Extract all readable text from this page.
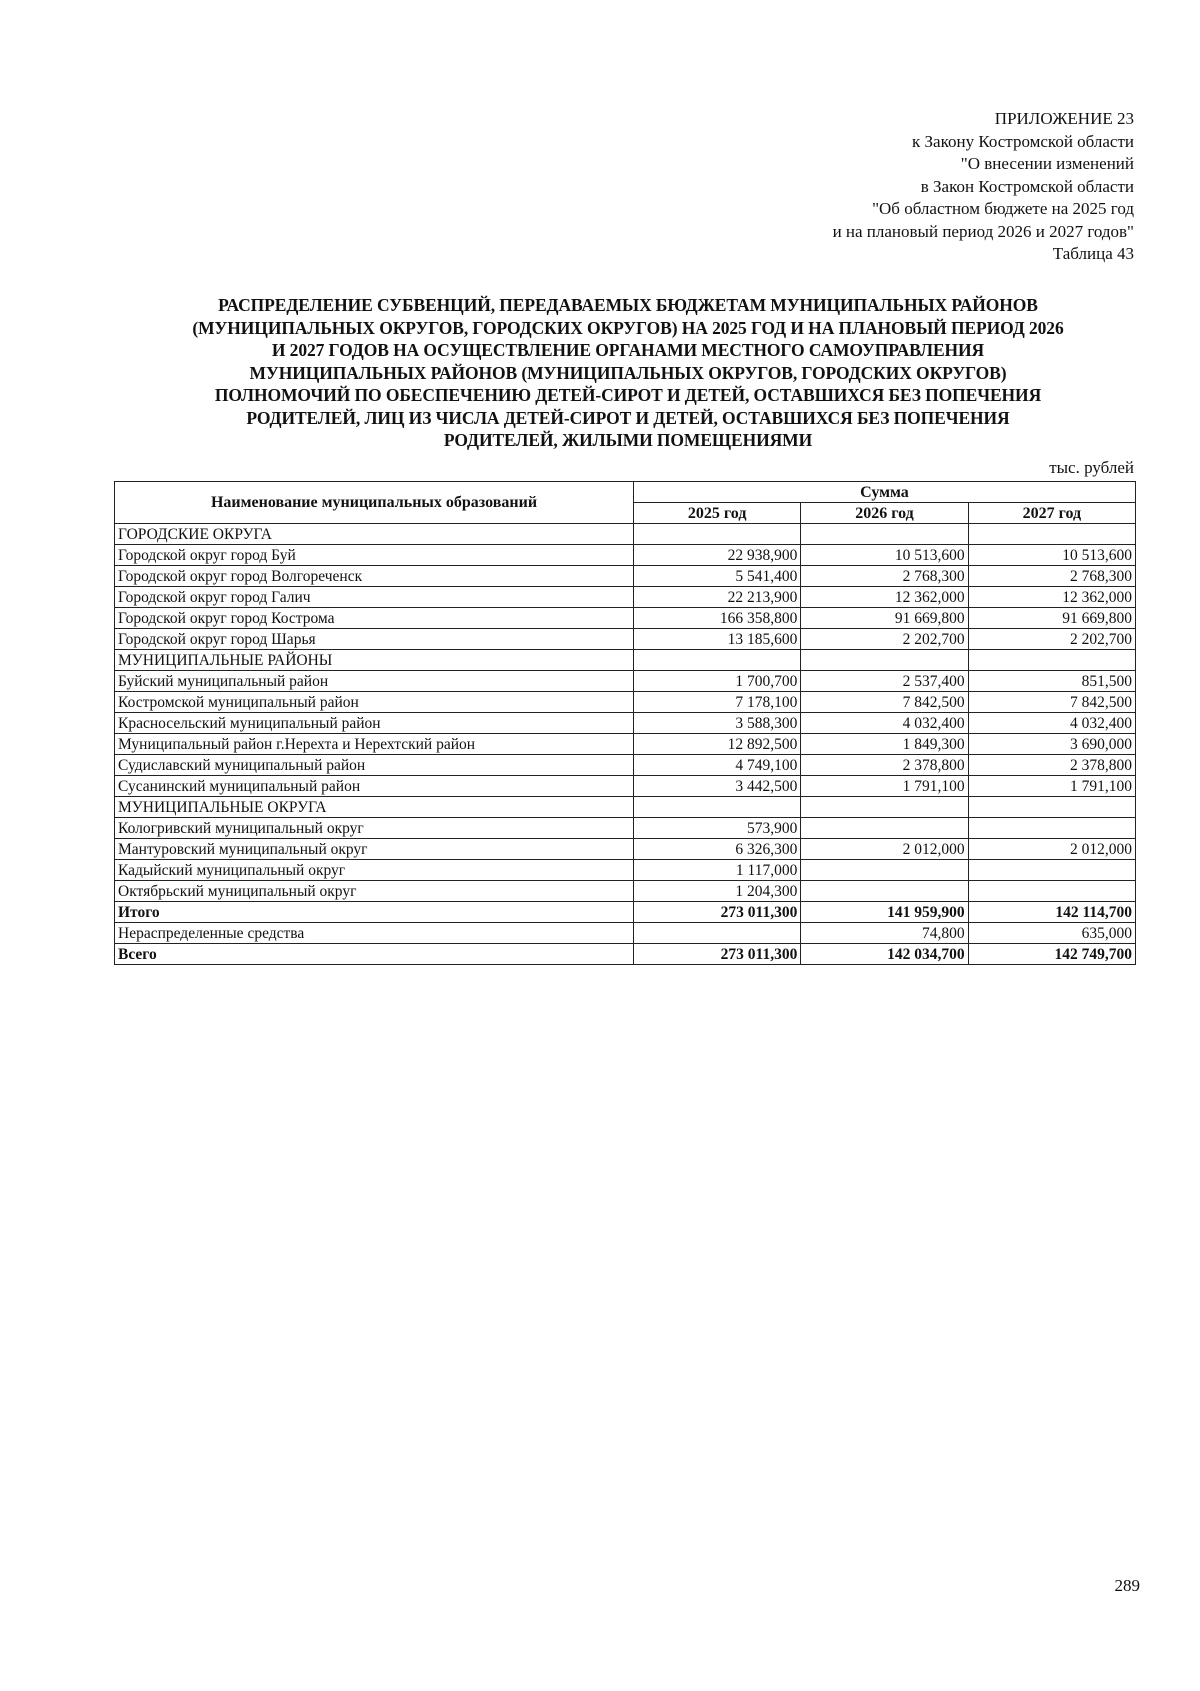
ПРИЛОЖЕНИЕ 23
к Закону Костромской области
"О внесении изменений
в Закон Костромской области
"Об областном бюджете на 2025 год
и на плановый период 2026 и 2027 годов"
Таблица 43
РАСПРЕДЕЛЕНИЕ СУБВЕНЦИЙ, ПЕРЕДАВАЕМЫХ БЮДЖЕТАМ МУНИЦИПАЛЬНЫХ РАЙОНОВ
(МУНИЦИПАЛЬНЫХ ОКРУГОВ, ГОРОДСКИХ ОКРУГОВ) НА 2025 ГОД И НА ПЛАНОВЫЙ ПЕРИОД 2026
И 2027 ГОДОВ НА ОСУЩЕСТВЛЕНИЕ ОРГАНАМИ МЕСТНОГО САМОУПРАВЛЕНИЯ
МУНИЦИПАЛЬНЫХ РАЙОНОВ (МУНИЦИПАЛЬНЫХ ОКРУГОВ, ГОРОДСКИХ ОКРУГОВ)
ПОЛНОМОЧИЙ ПО ОБЕСПЕЧЕНИЮ ДЕТЕЙ-СИРОТ И ДЕТЕЙ, ОСТАВШИХСЯ БЕЗ ПОПЕЧЕНИЯ
РОДИТЕЛЕЙ, ЛИЦ ИЗ ЧИСЛА ДЕТЕЙ-СИРОТ И ДЕТЕЙ, ОСТАВШИХСЯ БЕЗ ПОПЕЧЕНИЯ
РОДИТЕЛЕЙ, ЖИЛЫМИ ПОМЕЩЕНИЯМИ
тыс. рублей
Наименование муниципальных образований	Сумма		
	2025 год	2026 год	2027 год
ГОРОДСКИЕ ОКРУГА			
Городской округ город Буй	22 938,900	10 513,600	10 513,600
Городской округ город Волгореченск	5 541,400	2 768,300	2 768,300
Городской округ город Галич	22 213,900	12 362,000	12 362,000
Городской округ город Кострома	166 358,800	91 669,800	91 669,800
Городской округ город Шарья	13 185,600	2 202,700	2 202,700
МУНИЦИПАЛЬНЫЕ РАЙОНЫ			
Буйский муниципальный район	1 700,700	2 537,400	851,500
Костромской муниципальный район	7 178,100	7 842,500	7 842,500
Красносельский муниципальный район	3 588,300	4 032,400	4 032,400
Муниципальный район г.Нерехта и Нерехтский район	12 892,500	1 849,300	3 690,000
Судиславский муниципальный район	4 749,100	2 378,800	2 378,800
Сусанинский муниципальный район	3 442,500	1 791,100	1 791,100
МУНИЦИПАЛЬНЫЕ ОКРУГА			
Кологривский муниципальный округ	573,900		
Мантуровский муниципальный округ	6 326,300	2 012,000	2 012,000
Кадыйский муниципальный округ	1 117,000		
Октябрьский муниципальный округ	1 204,300		
Итого	273 011,300	141 959,900	142 114,700
Нераспределенные средства		74,800	635,000
Всего	273 011,300	142 034,700	142 749,700
289
